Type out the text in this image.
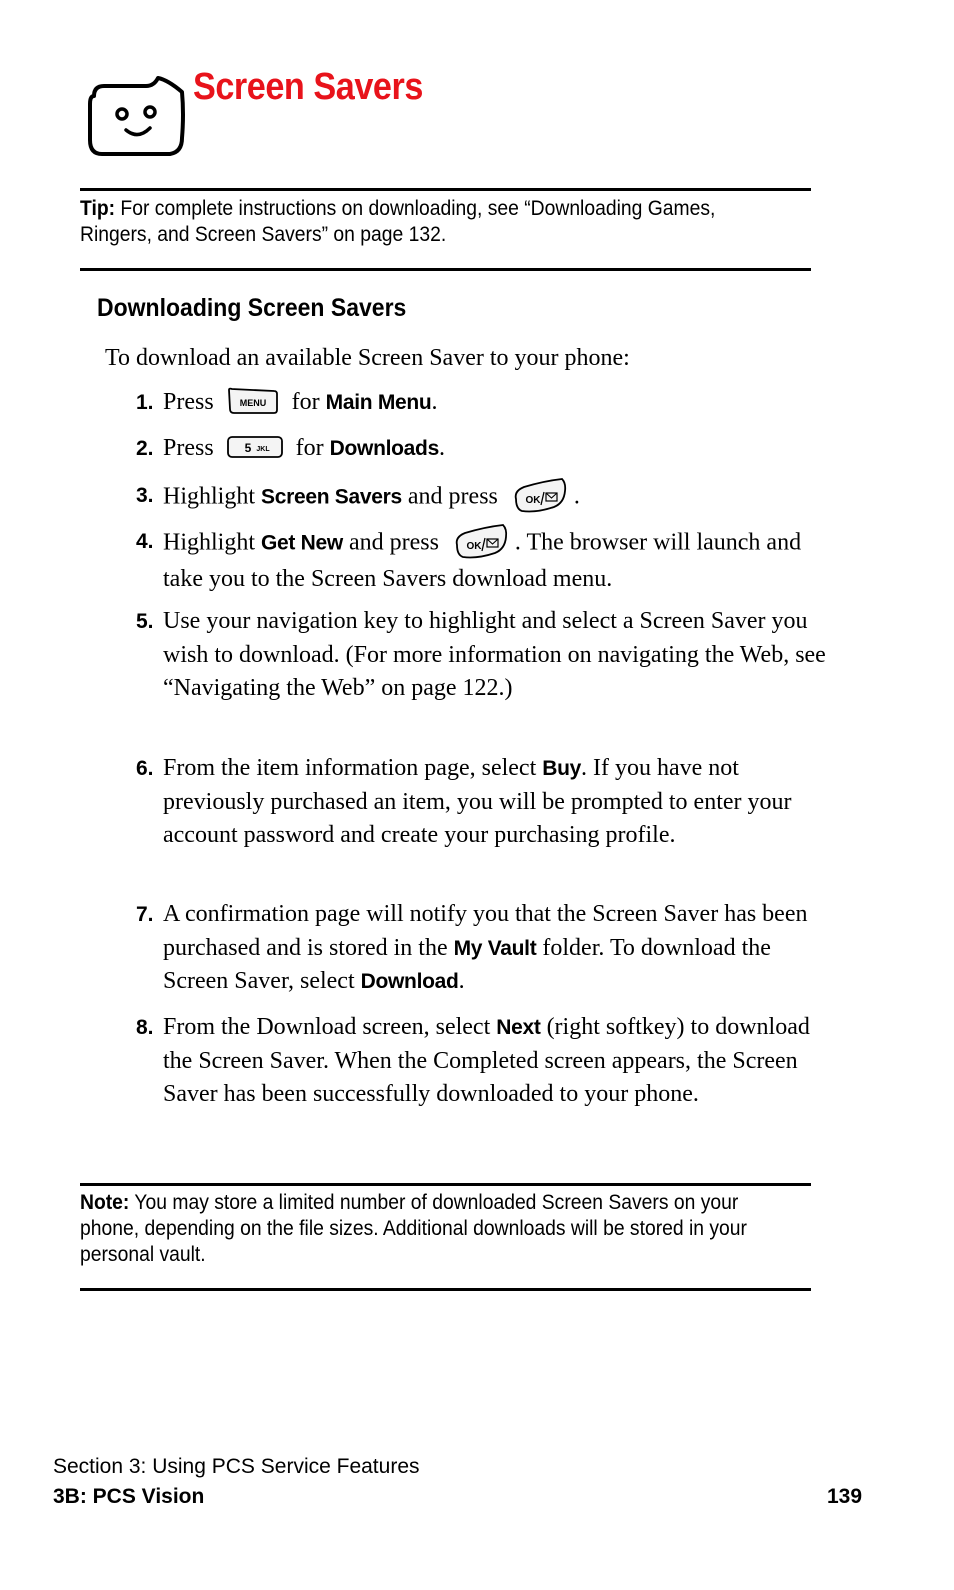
Screen Savers
Tip: For complete instructions on downloading, see “Downloading Games, Ringers, and Screen Savers” on page 132.
Downloading Screen Savers
To download an available Screen Saver to your phone:
1. Press	MENU for Main Menu.
2. Press	5 JKL for Downloads.
3. Highlight Screen Savers and press	OK .
4. Highlight Get New and press	OK . The browser will launch and take you to the Screen Savers download menu.
5. Use your navigation key to highlight and select a Screen Saver you wish to download. (For more information on navigating the Web, see “Navigating the Web” on page 122.)
6. From the item information page, select Buy. If you have not previously purchased an item, you will be prompted to enter your account password and create your purchasing profile.
7. A confirmation page will notify you that the Screen Saver has been purchased and is stored in the My Vault folder. To download the Screen Saver, select Download.
8. From the Download screen, select Next (right softkey) to download the Screen Saver. When the Completed screen appears, the Screen Saver has been successfully downloaded to your phone.
Note: You may store a limited number of downloaded Screen Savers on your phone, depending on the file sizes. Additional downloads will be stored in your personal vault.
Section 3: Using PCS Service Features
3B: PCS Vision	139
